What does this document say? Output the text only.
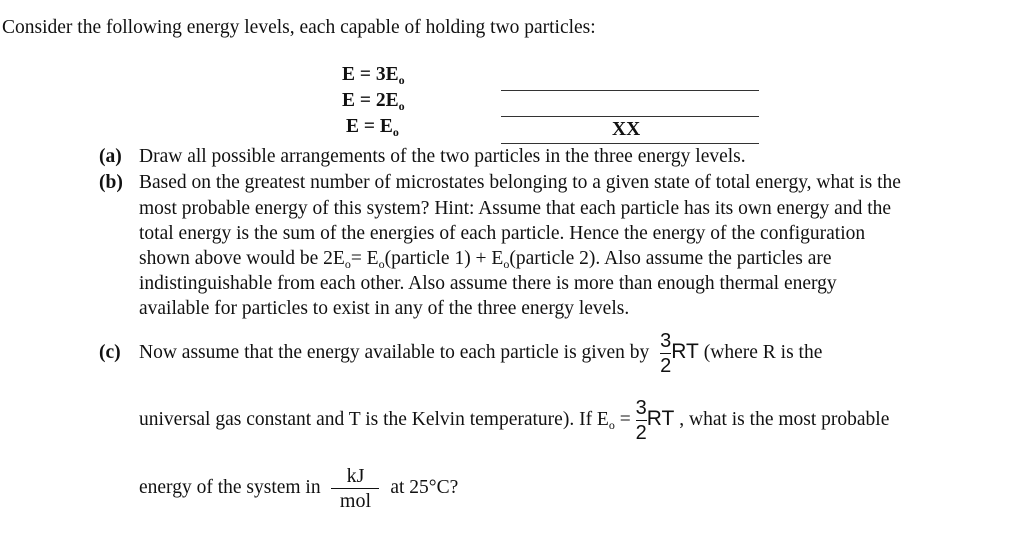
Consider the following energy levels, each capable of holding two particles:
$E = 3E_o$
$E = 2E_o$
$E = E_o$	XX
(a) Draw all possible arrangements of the two particles in the three energy levels.
(b) Based on the greatest number of microstates belonging to a given state of total energy, what is the
most probable energy of this system? Hint: Assume that each particle has its own energy and the
total energy is the sum of the energies of each particle. Hence the energy of the configuration
shown above would be $2E_o=$ $E_o(particle$ $1) + E_o(particle$ 2). Also assume the particles are
indistinguishable from each other. Also assume there is more than enough thermal energy
available for particles to exist in any of the three energy levels.
(c) Now assume that the energy available to each particle is given by $\frac{3}{2}$ RT (where R is the
universal gas constant and T is the Kelvin temperature). If $E_o = \frac{3}{2}$ RT , what is the most probable
energy of the system in $\frac{kJ}{\text{mol}}$ at 25°C?
